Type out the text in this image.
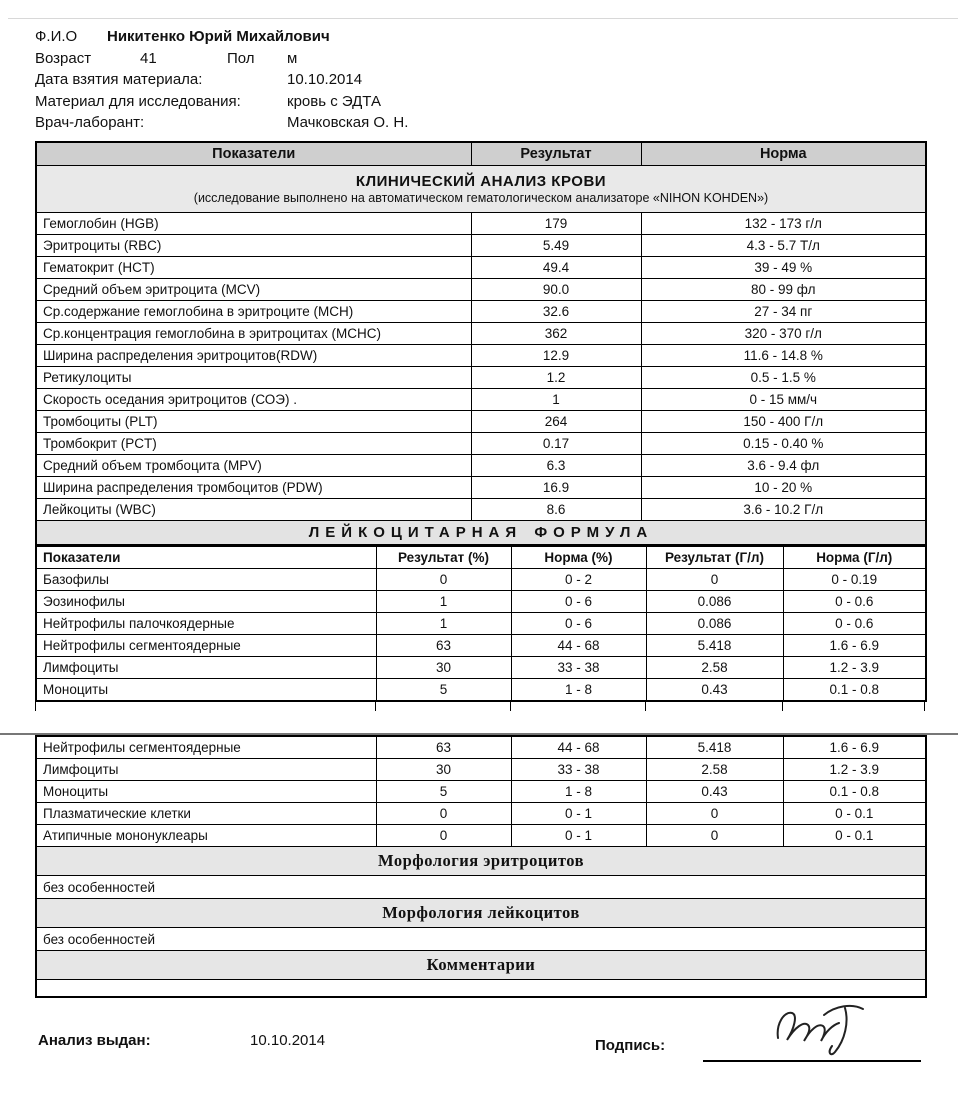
Ф.И.О Никитенко Юрий Михайлович
Возраст	41	Пол м
Дата взятия материала:	10.10.2014
Материал для исследования:	кровь с ЭДТА
Врач-лаборант:	Мачковская О. Н.
Показатели	Результат	Норма

КЛИНИЧЕСКИЙ АНАЛИЗ КРОВИ
(исследование выполнено на автоматическом гематологическом анализаторе «NIHON KOHDEN»)		

Гемоглобин (HGB)	179	132 - 173 г/л
Эритроциты (RBC)	5.49	4.3 - 5.7 Т/л
Гематокрит (HCT)	49.4	39 - 49 %
Средний объем эритроцита (MCV)	90.0	80 - 99 фл
Ср.содержание гемоглобина в эритроците (MCH)	32.6	27 - 34 пг
Ср.концентрация гемоглобина в эритроцитах (MCHC)	362	320 - 370 г/л
Ширина распределения эритроцитов(RDW)	12.9	11.6 - 14.8 %
Ретикулоциты	1.2	0.5 - 1.5 %
Скорость оседания эритроцитов (СОЭ) .	1	0 - 15 мм/ч
Тромбоциты (PLT)	264	150 - 400 Г/л
Тромбокрит (PCT)	0.17	0.15 - 0.40 %
Средний объем тромбоцита (MPV)	6.3	3.6 - 9.4 фл
Ширина распределения тромбоцитов (PDW)	16.9	10 - 20 %
Лейкоциты (WBC)	8.6	3.6 - 10.2 Г/л
ЛЕЙКОЦИТАРНАЯ ФОРМУЛА		
Показатели	Результат (%)	Норма (%)	Результат (Г/л)	Норма (Г/л)
Базофилы	0	0 - 2	0	0 - 0.19
Эозинофилы	1	0 - 6	0.086	0 - 0.6
Нейтрофилы палочкоядерные	1	0 - 6	0.086	0 - 0.6
Нейтрофилы сегментоядерные	63	44 - 68	5.418	1.6 - 6.9
Лимфоциты	30	33 - 38	2.58	1.2 - 3.9
Моноциты	5	1 - 8	0.43	0.1 - 0.8
Нейтрофилы сегментоядерные	63	44 - 68	5.418	1.6 - 6.9
Лимфоциты	30	33 - 38	2.58	1.2 - 3.9
Моноциты	5	1 - 8	0.43	0.1 - 0.8
Плазматические клетки	0	0 - 1	0	0 - 0.1
Атипичные мононуклеары	0	0 - 1	0	0 - 0.1
Морфология эритроцитов				
без особенностей				
Морфология лейкоцитов				
без особенностей				
Комментарии				

Анализ выдан:	10.10.2014	Подпись:
